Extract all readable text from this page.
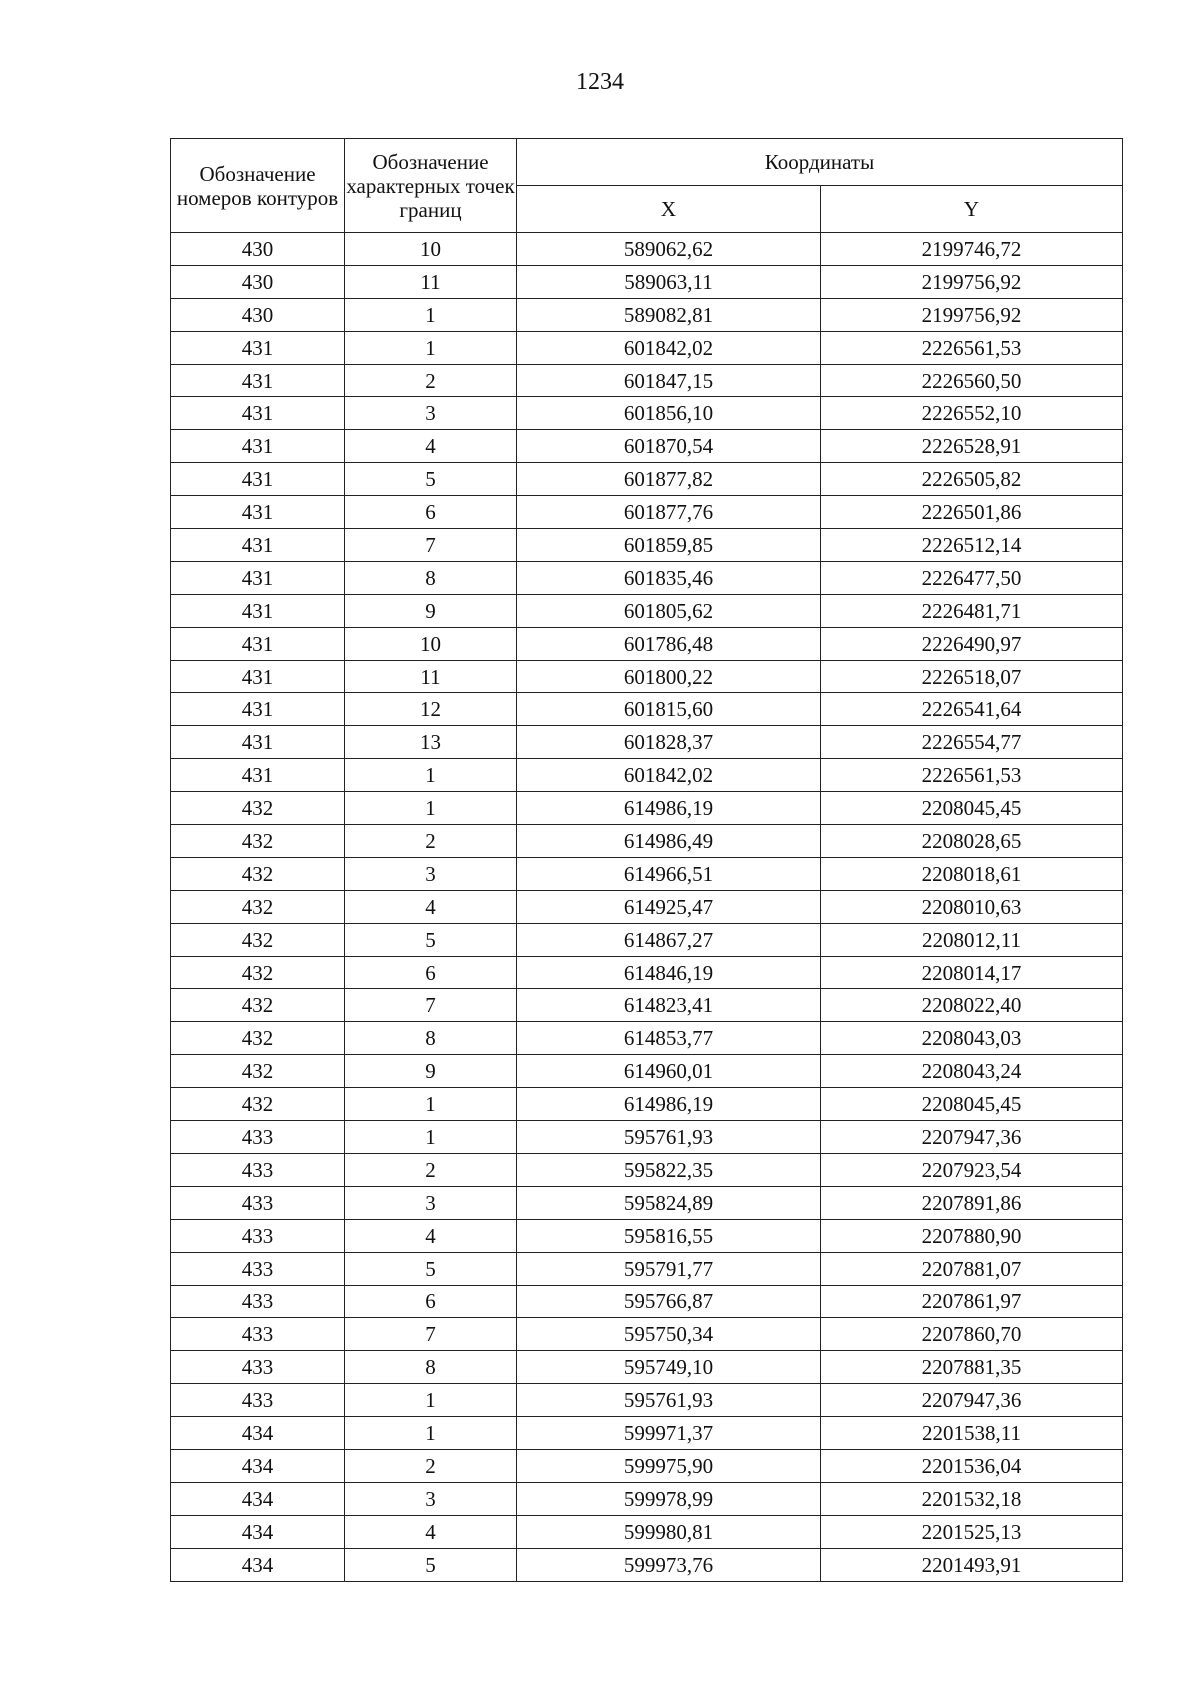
1234
Обозначение номеров контуров	Обозначение характерных точек границ	Координаты	
		X	Y
430	10	589062,62	2199746,72
430	11	589063,11	2199756,92
430	1	589082,81	2199756,92
431	1	601842,02	2226561,53
431	2	601847,15	2226560,50
431	3	601856,10	2226552,10
431	4	601870,54	2226528,91
431	5	601877,82	2226505,82
431	6	601877,76	2226501,86
431	7	601859,85	2226512,14
431	8	601835,46	2226477,50
431	9	601805,62	2226481,71
431	10	601786,48	2226490,97
431	11	601800,22	2226518,07
431	12	601815,60	2226541,64
431	13	601828,37	2226554,77
431	1	601842,02	2226561,53
432	1	614986,19	2208045,45
432	2	614986,49	2208028,65
432	3	614966,51	2208018,61
432	4	614925,47	2208010,63
432	5	614867,27	2208012,11
432	6	614846,19	2208014,17
432	7	614823,41	2208022,40
432	8	614853,77	2208043,03
432	9	614960,01	2208043,24
432	1	614986,19	2208045,45
433	1	595761,93	2207947,36
433	2	595822,35	2207923,54
433	3	595824,89	2207891,86
433	4	595816,55	2207880,90
433	5	595791,77	2207881,07
433	6	595766,87	2207861,97
433	7	595750,34	2207860,70
433	8	595749,10	2207881,35
433	1	595761,93	2207947,36
434	1	599971,37	2201538,11
434	2	599975,90	2201536,04
434	3	599978,99	2201532,18
434	4	599980,81	2201525,13
434	5	599973,76	2201493,91
